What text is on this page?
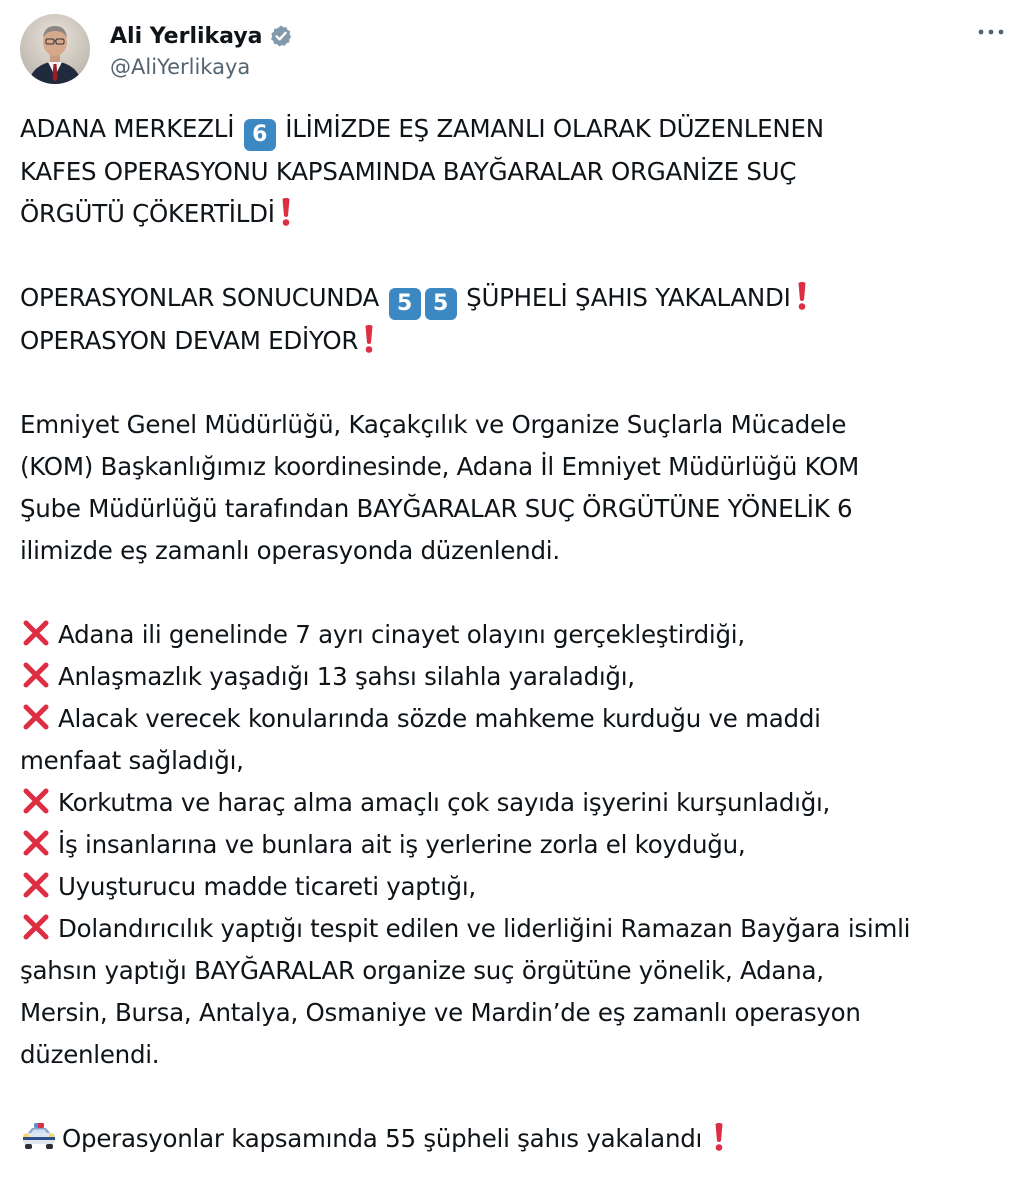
Ali Yerlikaya
@AliYerlikaya
ADANA MERKEZLİ 6 İLİMİZDE EŞ ZAMANLI OLARAK DÜZENLENEN
KAFES OPERASYONU KAPSAMINDA BAYĞARALAR ORGANİZE SUÇ
ÖRGÜTÜ ÇÖKERTİLDİ
OPERASYONLAR SONUCUNDA 5 5 ŞÜPHELİ ŞAHIS YAKALANDI
OPERASYON DEVAM EDİYOR
Emniyet Genel Müdürlüğü, Kaçakçılık ve Organize Suçlarla Mücadele
(KOM) Başkanlığımız koordinesinde, Adana İl Emniyet Müdürlüğü KOM
Şube Müdürlüğü tarafından BAYĞARALAR SUÇ ÖRGÜTÜNE YÖNELİK 6
ilimizde eş zamanlı operasyonda düzenlendi.
Adana ili genelinde 7 ayrı cinayet olayını gerçekleştirdiği,
Anlaşmazlık yaşadığı 13 şahsı silahla yaraladığı,
Alacak verecek konularında sözde mahkeme kurduğu ve maddi
menfaat sağladığı,
Korkutma ve haraç alma amaçlı çok sayıda işyerini kurşunladığı,
İş insanlarına ve bunlara ait iş yerlerine zorla el koyduğu,
Uyuşturucu madde ticareti yaptığı,
Dolandırıcılık yaptığı tespit edilen ve liderliğini Ramazan Bayğara isimli
şahsın yaptığı BAYĞARALAR organize suç örgütüne yönelik, Adana,
Mersin, Bursa, Antalya, Osmaniye ve Mardin’de eş zamanlı operasyon
düzenlendi.
Operasyonlar kapsamında 55 şüpheli şahıs yakalandı
